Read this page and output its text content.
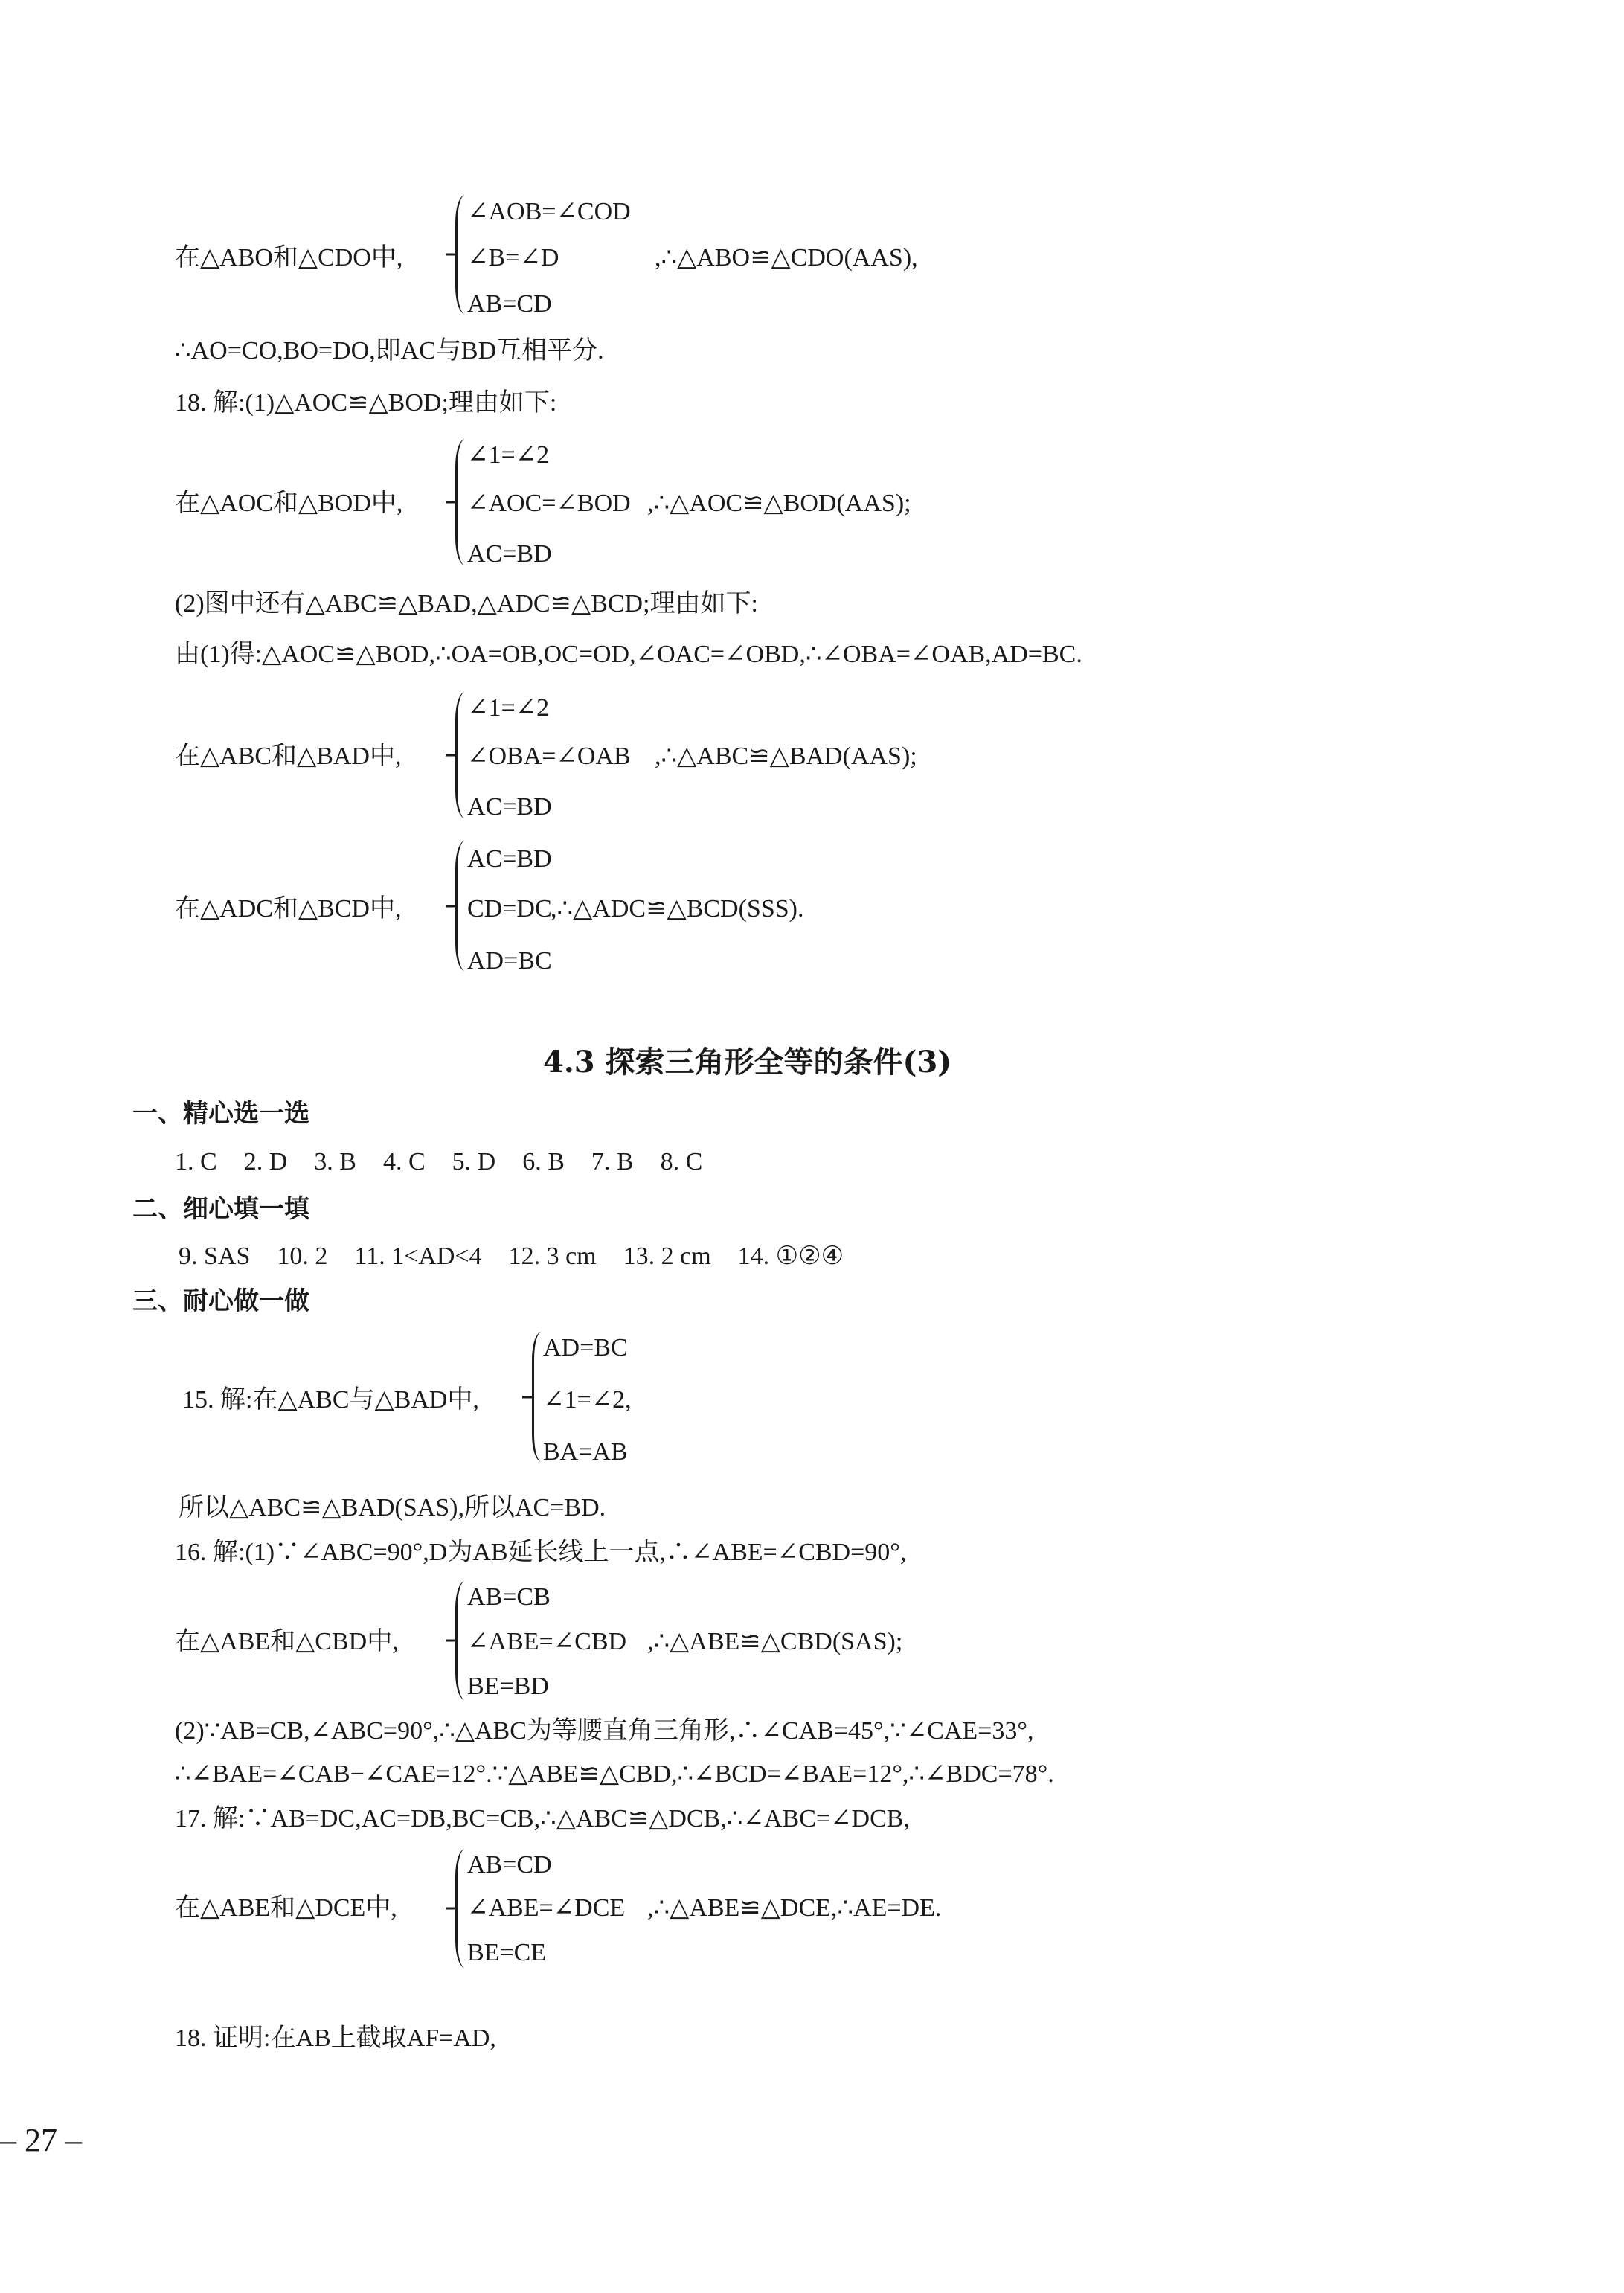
在△ABO和△CDO中,
∠AOB=∠COD
∠B=∠D
AB=CD
,∴△ABO≌△CDO(AAS),
∴AO=CO,BO=DO,即AC与BD互相平分.
18. 解:(1)△AOC≌△BOD;理由如下:
在△AOC和△BOD中,
∠1=∠2
∠AOC=∠BOD
AC=BD
,∴△AOC≌△BOD(AAS);
(2)图中还有△ABC≌△BAD,△ADC≌△BCD;理由如下:
由(1)得:△AOC≌△BOD,∴OA=OB,OC=OD,∠OAC=∠OBD,∴∠OBA=∠OAB,AD=BC.
在△ABC和△BAD中,
∠1=∠2
∠OBA=∠OAB
AC=BD
,∴△ABC≌△BAD(AAS);
在△ADC和△BCD中,
AC=BD
CD=DC
AD=BC
,∴△ADC≌△BCD(SSS).
4.3 探索三角形全等的条件(3)
一、精心选一选
1. C 2. D 3. B 4. C 5. D 6. B 7. B 8. C
二、细心填一填
9. SAS 10. 2 11. 1<AD<4 12. 3 cm 13. 2 cm 14. ①②④
三、耐心做一做
15. 解:在△ABC与△BAD中,
AD=BC
∠1=∠2,
BA=AB
所以△ABC≌△BAD(SAS),所以AC=BD.
16. 解:(1)∵∠ABC=90°,D为AB延长线上一点,∴∠ABE=∠CBD=90°,
在△ABE和△CBD中,
AB=CB
∠ABE=∠CBD
BE=BD
,∴△ABE≌△CBD(SAS);
(2)∵AB=CB,∠ABC=90°,∴△ABC为等腰直角三角形,∴∠CAB=45°,∵∠CAE=33°,
∴∠BAE=∠CAB−∠CAE=12°.∵△ABE≌△CBD,∴∠BCD=∠BAE=12°,∴∠BDC=78°.
17. 解:∵AB=DC,AC=DB,BC=CB,∴△ABC≌△DCB,∴∠ABC=∠DCB,
在△ABE和△DCE中,
AB=CD
∠ABE=∠DCE
BE=CE
,∴△ABE≌△DCE,∴AE=DE.
18. 证明:在AB上截取AF=AD,
– 27 –
